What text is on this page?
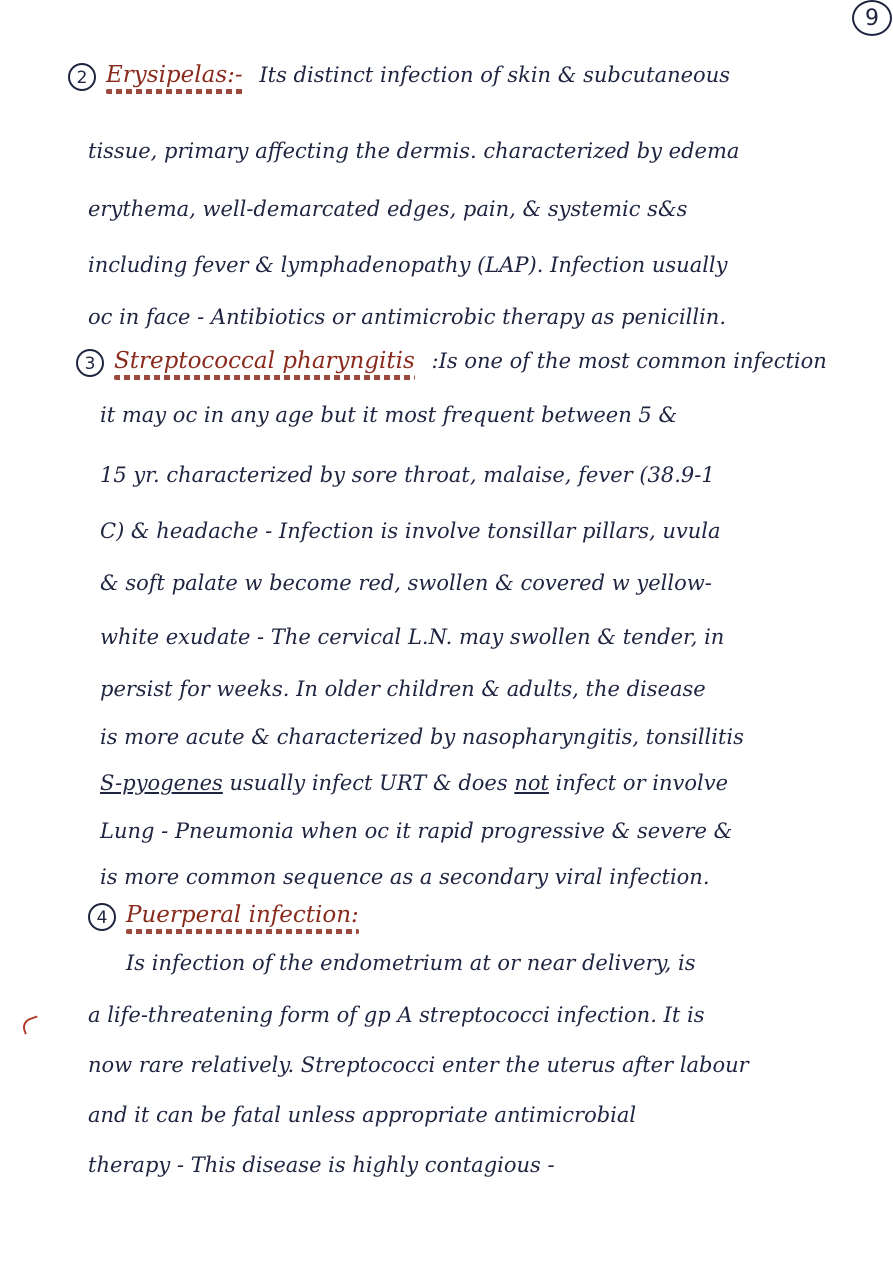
9
2 Erysipelas:- Its distinct infection of skin & subcutaneous
tissue, primary affecting the dermis. characterized by edema
erythema, well-demarcated edges, pain, & systemic s&s
including fever & lymphadenopathy (LAP). Infection usually
oc in face - Antibiotics or antimicrobic therapy as penicillin.
3 Streptococcal pharyngitis :Is one of the most common infection
it may oc in any age but it most frequent between 5 &
15 yr. characterized by sore throat, malaise, fever (38.9-1
C) & headache - Infection is involve tonsillar pillars, uvula
& soft palate w become red, swollen & covered w yellow-
white exudate - The cervical L.N. may swollen & tender, in
persist for weeks. In older children & adults, the disease
is more acute & characterized by nasopharyngitis, tonsillitis
S-pyogenes usually infect URT & does not infect or involve
Lung - Pneumonia when oc it rapid progressive & severe &
is more common sequence as a secondary viral infection.
4 Puerperal infection:
Is infection of the endometrium at or near delivery, is
a life-threatening form of gp A streptococci infection. It is
now rare relatively. Streptococci enter the uterus after labour
and it can be fatal unless appropriate antimicrobial
therapy - This disease is highly contagious -
